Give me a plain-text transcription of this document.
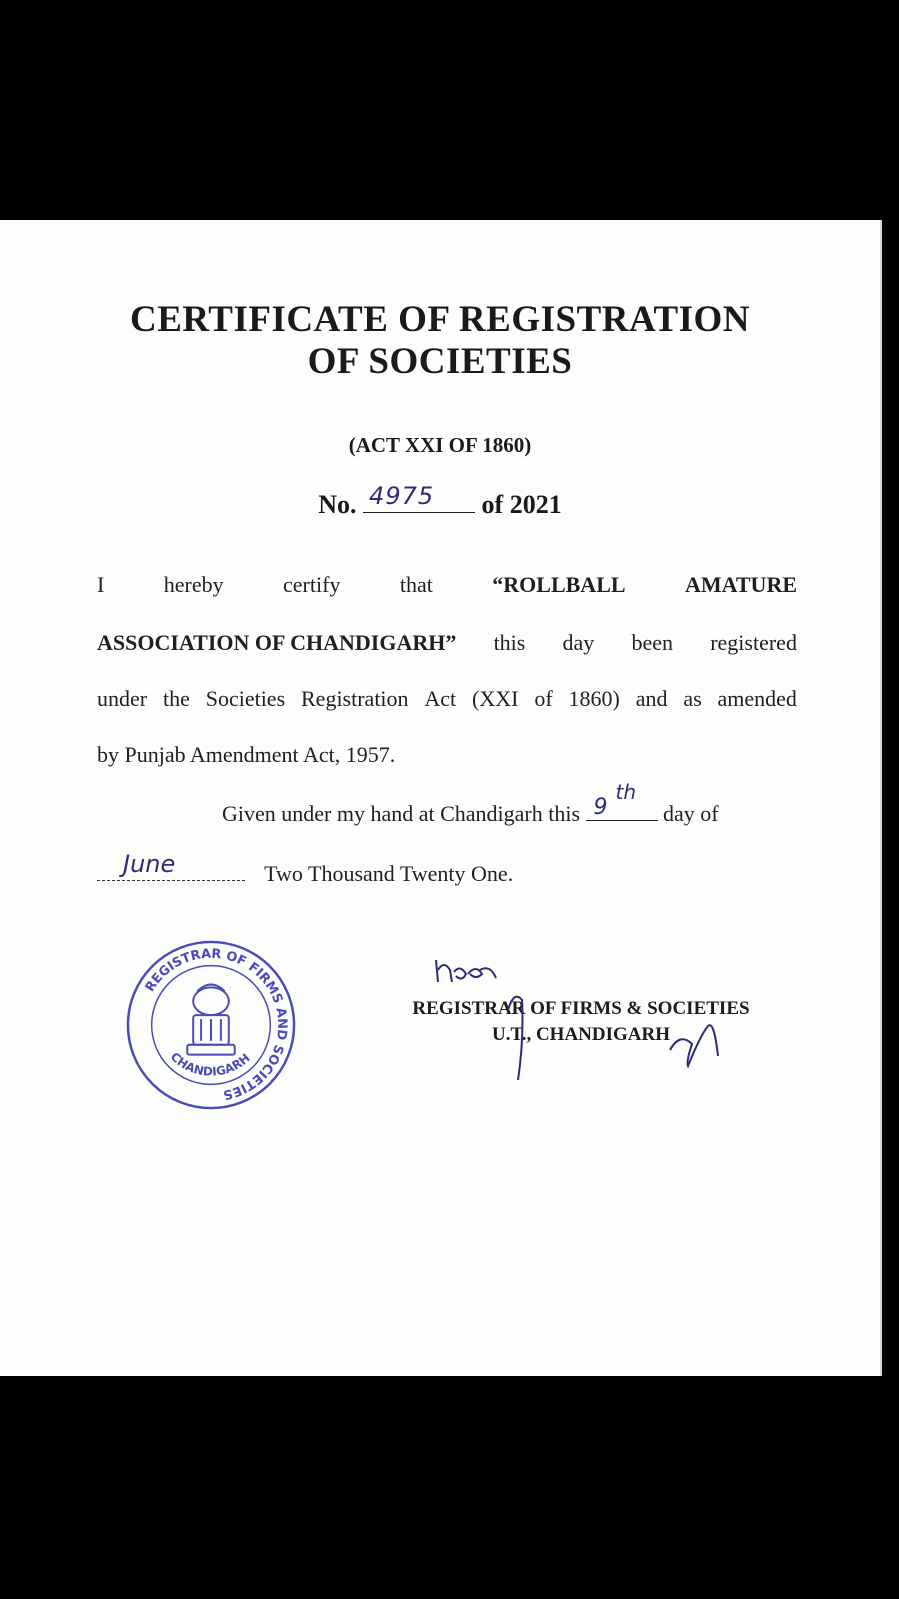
CERTIFICATE OF REGISTRATION
OF SOCIETIES
(ACT XXI OF 1860)
No. 4975 of 2021
I	hereby	certify	that	“ROLLBALL	AMATURE
ASSOCIATION OF CHANDIGARH” this day been registered
under the Societies Registration Act (XXI of 1860) and as amended
by Punjab Amendment Act, 1957.
Given under my hand at Chandigarh this 9
th
day of
June	Two Thousand Twenty One.
REGISTRAR OF FIRMS AND SOCIETIES
CHANDIGARH
REGISTRAR OF FIRMS & SOCIETIES
U.T., CHANDIGARH
